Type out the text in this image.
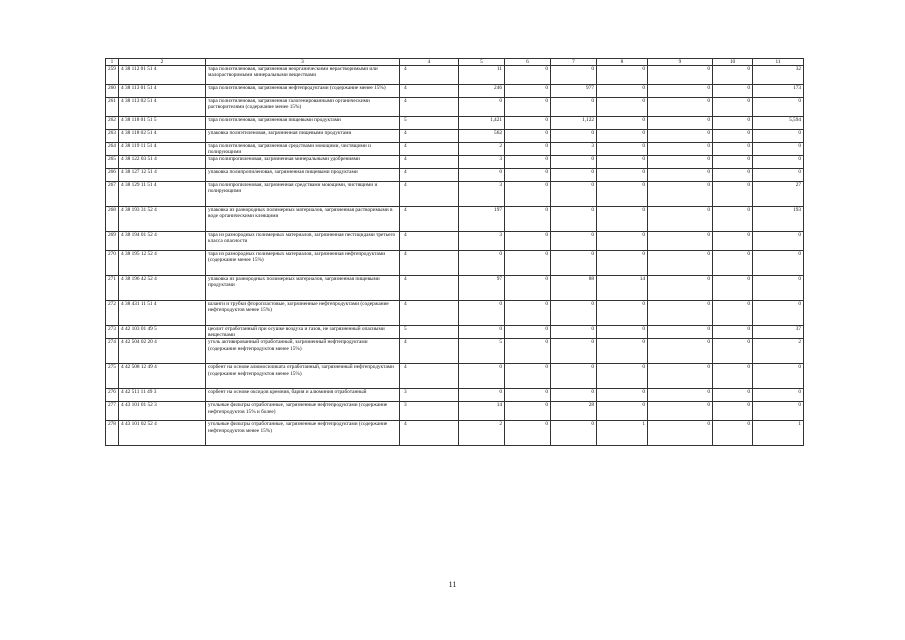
1	2	3	4	5	6	7	8	9	10	11
259	4 38 112 01 51 4	тара полиэтиленовая, загрязненная неорганическими нерастворимыми или малорастворимыми минеральными веществами	4	11	0	0	0	0	0	32
260	4 38 113 01 51 4	тара полиэтиленовая, загрязненная нефтепродуктами (содержание менее 15%)	4	246	0	977	0	0	0	173
261	4 38 113 02 51 4	тара полиэтиленовая, загрязненная галогенированными органическими растворителями (содержание менее 15%)	4	0	0	0	0	0	0	0
262	4 38 118 01 51 5	тара полиэтиленовая, загрязненная пищевыми продуктами	5	1,421	0	1,122	0	0	0	5,594
263	4 38 118 02 51 4	упаковка полиэтиленовая, загрязненная пищевыми продуктами	4	562	0	0	0	0	0	0
264	4 38 119 11 51 4	тара полиэтиленовая, загрязненная средствами моющими, чистящими и полирующими	4	2	0	3	0	0	0	0
265	4 38 122 03 51 4	тара полипропиленовая, загрязненная минеральными удобрениями	4	3	0	0	0	0	0	0
266	4 38 127 12 51 4	упаковка полипропиленовая, загрязненная пищевыми продуктами	4	0	0	0	0	0	0	0
267	4 38 129 11 51 4	тара полипропиленовая, загрязненная средствами моющими, чистящими и полирующими	4	3	0	0	0	0	0	27
268	4 38 193 31 52 4	упаковка из разнородных полимерных материалов, загрязненная растворимыми в воде органическими клеящими	4	197	0	0	0	0	0	193
269	4 38 194 01 52 4	тара из разнородных полимерных материалов, загрязненная пестицидами третьего класса опасности	4	3	0	0	0	0	0	0
270	4 38 195 12 52 4	тара из разнородных полимерных материалов, загрязненная нефтепродуктами (содержание менее 15%)	4	0	0	0	0	0	0	0
271	4 38 196 42 52 4	упаковка из разнородных полимерных материалов, загрязненная пищевыми продуктами	4	97	0	88	14	0	0	0
272	4 38 431 11 51 4	шланги и трубки фторопластовые, загрязненные нефтепродуктами (содержание нефтепродуктов менее 15%)	4	0	0	0	0	0	0	0
273	4 42 103 01 49 5	цеолит отработанный при осушке воздуха и газов, не загрязненный опасными веществами	5	0	0	0	0	0	0	37
274	4 42 504 02 20 4	уголь активированный отработанный, загрязненный нефтепродуктами (содержание нефтепродуктов менее 15%)	4	5	0	0	0	0	0	2
275	4 42 508 12 49 4	сорбент на основе алюмосиликата отработанный, загрязненный нефтепродуктами (содержание нефтепродуктов менее 15%)	4	0	0	0	0	0	0	0
276	4 42 511 11 49 3	сорбент на основе оксидов кремния, бария и алюминия отработанный	3	0	0	0	0	0	0	0
277	4 43 101 01 52 3	угольные фильтры отработанные, загрязненные нефтепродуктами (содержание нефтепродуктов 15% и более)	3	14	0	28	0	0	0	0
278	4 43 101 02 52 4	угольные фильтры отработанные, загрязненные нефтепродуктами (содержание нефтепродуктов менее 15%)	4	2	0	0	1	0	0	1
11
